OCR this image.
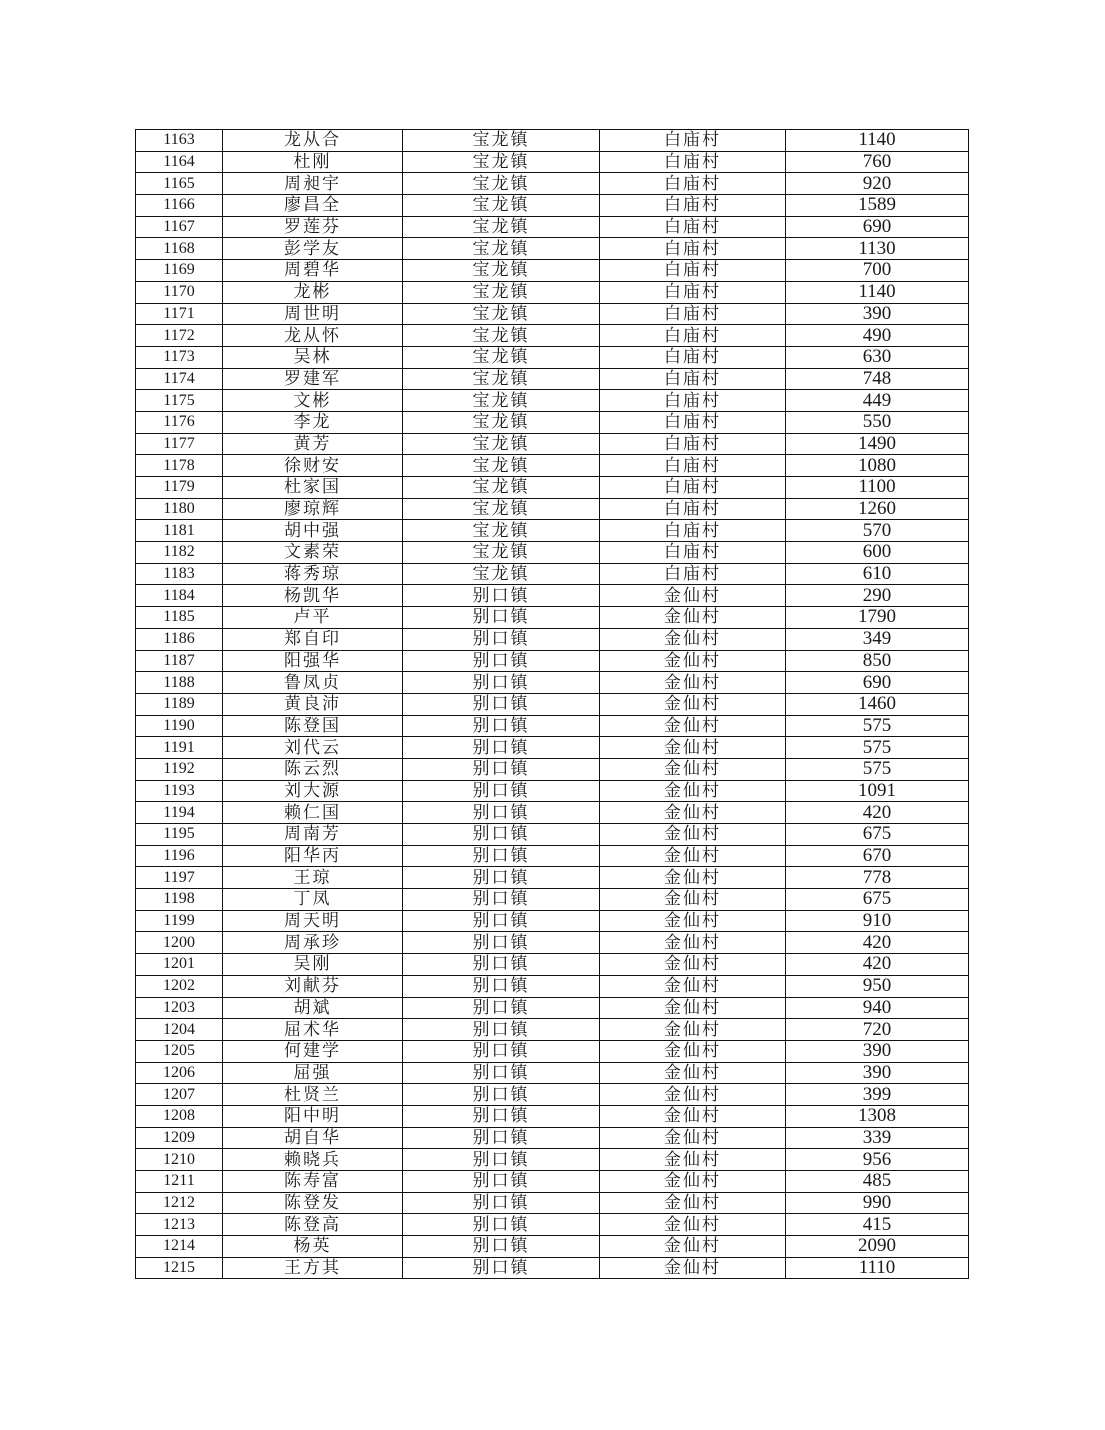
1163	龙从合	宝龙镇	白庙村	1140
1164	杜刚	宝龙镇	白庙村	760
1165	周昶宇	宝龙镇	白庙村	920
1166	廖昌全	宝龙镇	白庙村	1589
1167	罗莲芬	宝龙镇	白庙村	690
1168	彭学友	宝龙镇	白庙村	1130
1169	周碧华	宝龙镇	白庙村	700
1170	龙彬	宝龙镇	白庙村	1140
1171	周世明	宝龙镇	白庙村	390
1172	龙从怀	宝龙镇	白庙村	490
1173	吴林	宝龙镇	白庙村	630
1174	罗建军	宝龙镇	白庙村	748
1175	文彬	宝龙镇	白庙村	449
1176	李龙	宝龙镇	白庙村	550
1177	黄芳	宝龙镇	白庙村	1490
1178	徐财安	宝龙镇	白庙村	1080
1179	杜家国	宝龙镇	白庙村	1100
1180	廖琼辉	宝龙镇	白庙村	1260
1181	胡中强	宝龙镇	白庙村	570
1182	文素荣	宝龙镇	白庙村	600
1183	蒋秀琼	宝龙镇	白庙村	610
1184	杨凯华	别口镇	金仙村	290
1185	卢平	别口镇	金仙村	1790
1186	郑自印	别口镇	金仙村	349
1187	阳强华	别口镇	金仙村	850
1188	鲁凤贞	别口镇	金仙村	690
1189	黄良沛	别口镇	金仙村	1460
1190	陈登国	别口镇	金仙村	575
1191	刘代云	别口镇	金仙村	575
1192	陈云烈	别口镇	金仙村	575
1193	刘大源	别口镇	金仙村	1091
1194	赖仁国	别口镇	金仙村	420
1195	周南芳	别口镇	金仙村	675
1196	阳华丙	别口镇	金仙村	670
1197	王琼	别口镇	金仙村	778
1198	丁凤	别口镇	金仙村	675
1199	周天明	别口镇	金仙村	910
1200	周承珍	别口镇	金仙村	420
1201	吴刚	别口镇	金仙村	420
1202	刘献芬	别口镇	金仙村	950
1203	胡斌	别口镇	金仙村	940
1204	屈术华	别口镇	金仙村	720
1205	何建学	别口镇	金仙村	390
1206	屈强	别口镇	金仙村	390
1207	杜贤兰	别口镇	金仙村	399
1208	阳中明	别口镇	金仙村	1308
1209	胡自华	别口镇	金仙村	339
1210	赖晓兵	别口镇	金仙村	956
1211	陈寿富	别口镇	金仙村	485
1212	陈登发	别口镇	金仙村	990
1213	陈登高	别口镇	金仙村	415
1214	杨英	别口镇	金仙村	2090
1215	王方其	别口镇	金仙村	1110
